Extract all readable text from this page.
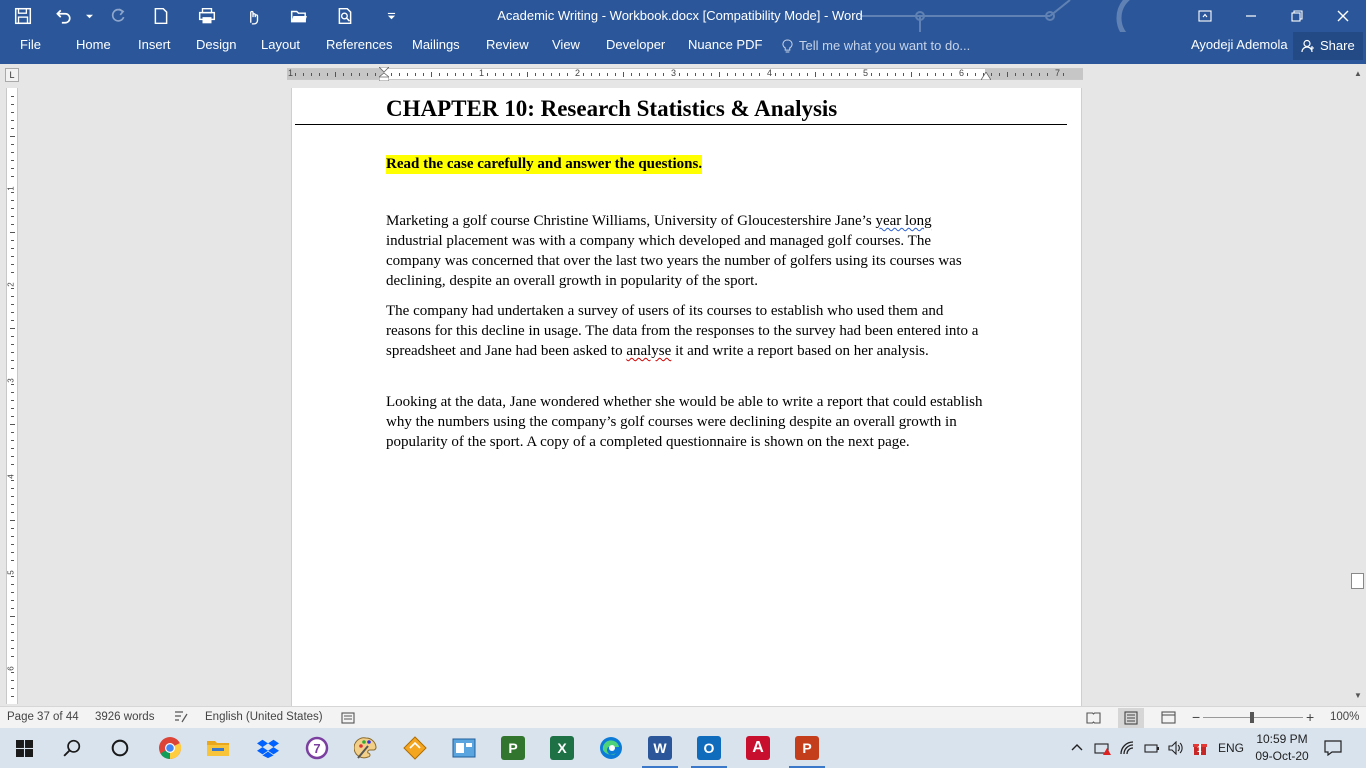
Academic Writing - Workbook.docx [Compatibility Mode] - Word
File	Home Insert Design Layout References Mailings Review View Developer Nuance PDF	Tell me what you want to do...	Ayodeji Ademola Share
L	1	1	2	3	4	5	6	7
1
2
3
4
5
6
CHAPTER 10: Research Statistics & Analysis
Read the case carefully and answer the questions.

Marketing a golf course Christine Williams, University of Gloucestershire Jane’s year long industrial placement was with a company which developed and managed golf courses. The company was concerned that over the last two years the number of golfers using its courses was declining, despite an overall growth in popularity of the sport.

The company had undertaken a survey of users of its courses to establish who used them and reasons for this decline in usage. The data from the responses to the survey had been entered into a spreadsheet and Jane had been asked to analyse it and write a report based on her analysis.

Looking at the data, Jane wondered whether she would be able to write a report that could establish why the numbers using the company’s golf courses were declining despite an overall growth in popularity of the sport. A copy of a completed questionnaire is shown on the next page.

▲
▼
Page 37 of 44 3926 words	English (United States)	−	+ 100%
7	P	X	W	O	A	P	1 ENG
10:59 PM
09-Oct-20
